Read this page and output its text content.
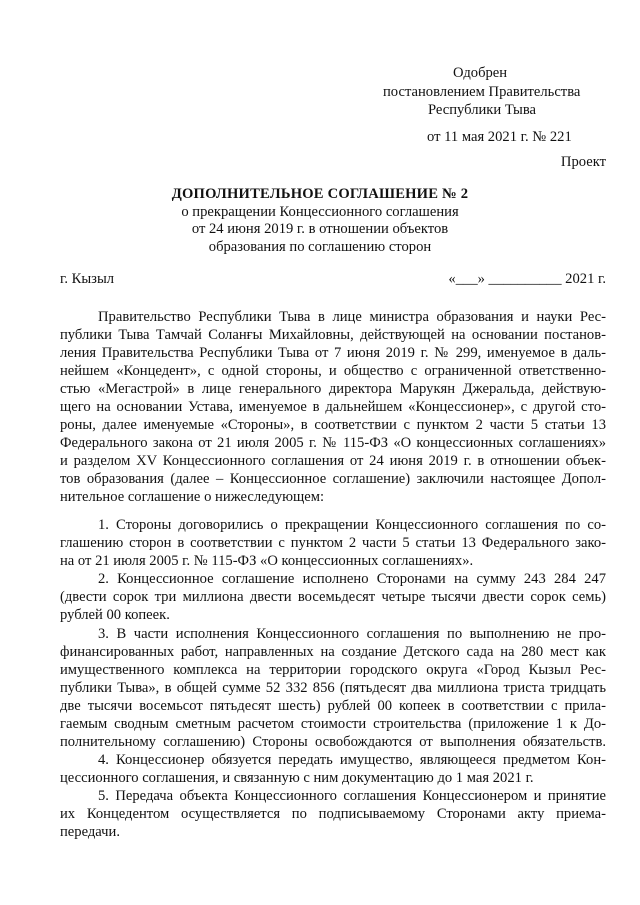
Одобрен
постановлением Правительства
Республики Тыва
от 11 мая 2021 г. № 221
Проект
ДОПОЛНИТЕЛЬНОЕ СОГЛАШЕНИЕ № 2
о прекращении Концессионного соглашения
от 24 июня 2019 г. в отношении объектов
образования по соглашению сторон
г. Кызыл	«___» __________ 2021 г.
Правительство Республики Тыва в лице министра образования и науки Рес-
публики Тыва Тамчай Соланғы Михайловны, действующей на основании постанов-
ления Правительства Республики Тыва от 7 июня 2019 г. № 299, именуемое в даль-
нейшем «Концедент», с одной стороны, и общество с ограниченной ответственно-
стью «Мегастрой» в лице генерального директора Марукян Джеральда, действую-
щего на основании Устава, именуемое в дальнейшем «Концессионер», с другой сто-
роны, далее именуемые «Стороны», в соответствии с пунктом 2 части 5 статьи 13
Федерального закона от 21 июля 2005 г. № 115-ФЗ «О концессионных соглашениях»
и разделом XV Концессионного соглашения от 24 июня 2019 г. в отношении объек-
тов образования (далее – Концессионное соглашение) заключили настоящее Допол-
нительное соглашение о нижеследующем:
1. Стороны договорились о прекращении Концессионного соглашения по со-
глашению сторон в соответствии с пунктом 2 части 5 статьи 13 Федерального зако-
на от 21 июля 2005 г. № 115-ФЗ «О концессионных соглашениях».
2. Концессионное соглашение исполнено Сторонами на сумму 243 284 247
(двести сорок три миллиона двести восемьдесят четыре тысячи двести сорок семь)
рублей 00 копеек.
3. В части исполнения Концессионного соглашения по выполнению не про-
финансированных работ, направленных на создание Детского сада на 280 мест как
имущественного комплекса на территории городского округа «Город Кызыл Рес-
публики Тыва», в общей сумме 52 332 856 (пятьдесят два миллиона триста тридцать
две тысячи восемьсот пятьдесят шесть) рублей 00 копеек в соответствии с прила-
гаемым сводным сметным расчетом стоимости строительства (приложение 1 к До-
полнительному соглашению) Стороны освобождаются от выполнения обязательств.
4. Концессионер обязуется передать имущество, являющееся предметом Кон-
цессионного соглашения, и связанную с ним документацию до 1 мая 2021 г.
5. Передача объекта Концессионного соглашения Концессионером и принятие
их Концедентом осуществляется по подписываемому Сторонами акту приема-
передачи.
